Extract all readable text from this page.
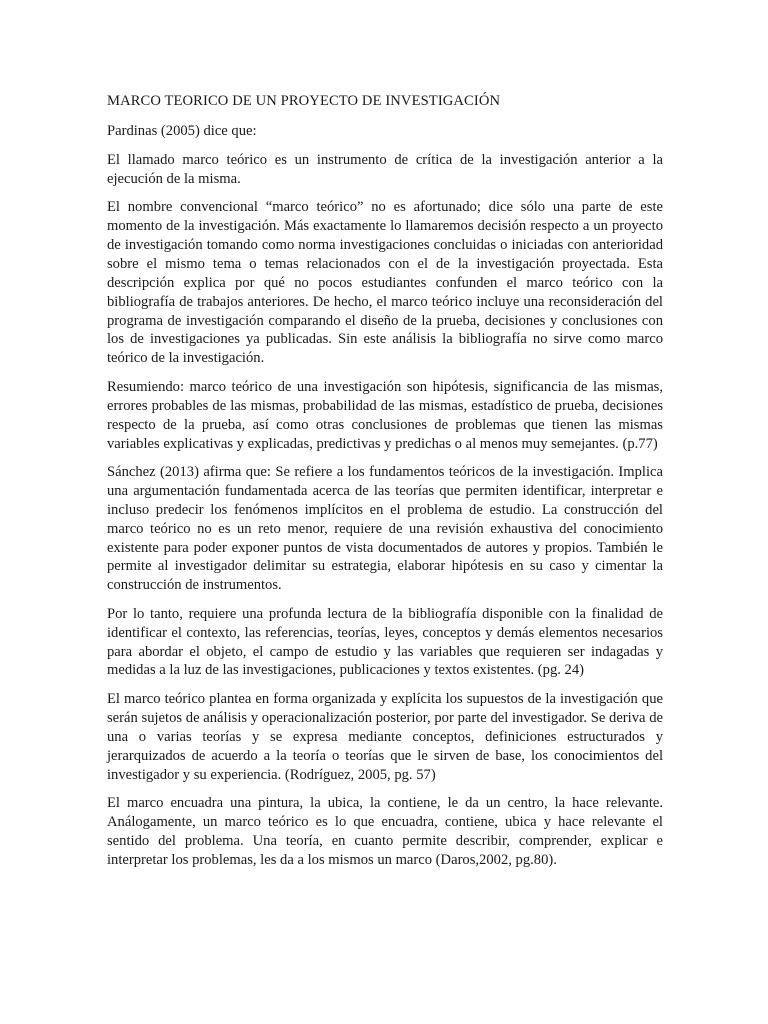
MARCO TEORICO DE UN PROYECTO DE INVESTIGACIÓN

Pardinas (2005) dice que:

El llamado marco teórico es un instrumento de crítica de la investigación anterior a la ejecución de la misma.

El nombre convencional “marco teórico” no es afortunado; dice sólo una parte de este momento de la investigación. Más exactamente lo llamaremos decisión respecto a un proyecto de investigación tomando como norma investigaciones concluidas o iniciadas con anterioridad sobre el mismo tema o temas relacionados con el de la investigación proyectada. Esta descripción explica por qué no pocos estudiantes confunden el marco teórico con la bibliografía de trabajos anteriores. De hecho, el marco teórico incluye una reconsideración del programa de investigación comparando el diseño de la prueba, decisiones y conclusiones con los de investigaciones ya publicadas. Sin este análisis la bibliografía no sirve como marco teórico de la investigación.

Resumiendo: marco teórico de una investigación son hipótesis, significancia de las mismas, errores probables de las mismas, probabilidad de las mismas, estadístico de prueba, decisiones respecto de la prueba, así como otras conclusiones de problemas que tienen las mismas variables explicativas y explicadas, predictivas y predichas o al menos muy semejantes. (p.77)

Sánchez (2013) afirma que: Se refiere a los fundamentos teóricos de la investigación. Implica una argumentación fundamentada acerca de las teorías que permiten identificar, interpretar e incluso predecir los fenómenos implícitos en el problema de estudio. La construcción del marco teórico no es un reto menor, requiere de una revisión exhaustiva del conocimiento existente para poder exponer puntos de vista documentados de autores y propios. También le permite al investigador delimitar su estrategia, elaborar hipótesis en su caso y cimentar la construcción de instrumentos.

Por lo tanto, requiere una profunda lectura de la bibliografía disponible con la finalidad de identificar el contexto, las referencias, teorías, leyes, conceptos y demás elementos necesarios para abordar el objeto, el campo de estudio y las variables que requieren ser indagadas y medidas a la luz de las investigaciones, publicaciones y textos existentes. (pg. 24)

El marco teórico plantea en forma organizada y explícita los supuestos de la investigación que serán sujetos de análisis y operacionalización posterior, por parte del investigador. Se deriva de una o varias teorías y se expresa mediante conceptos, definiciones estructurados y jerarquizados de acuerdo a la teoría o teorías que le sirven de base, los conocimientos del investigador y su experiencia. (Rodríguez, 2005, pg. 57)

El marco encuadra una pintura, la ubica, la contiene, le da un centro, la hace relevante. Análogamente, un marco teórico es lo que encuadra, contiene, ubica y hace relevante el sentido del problema. Una teoría, en cuanto permite describir, comprender, explicar e interpretar los problemas, les da a los mismos un marco (Daros,2002, pg.80).
